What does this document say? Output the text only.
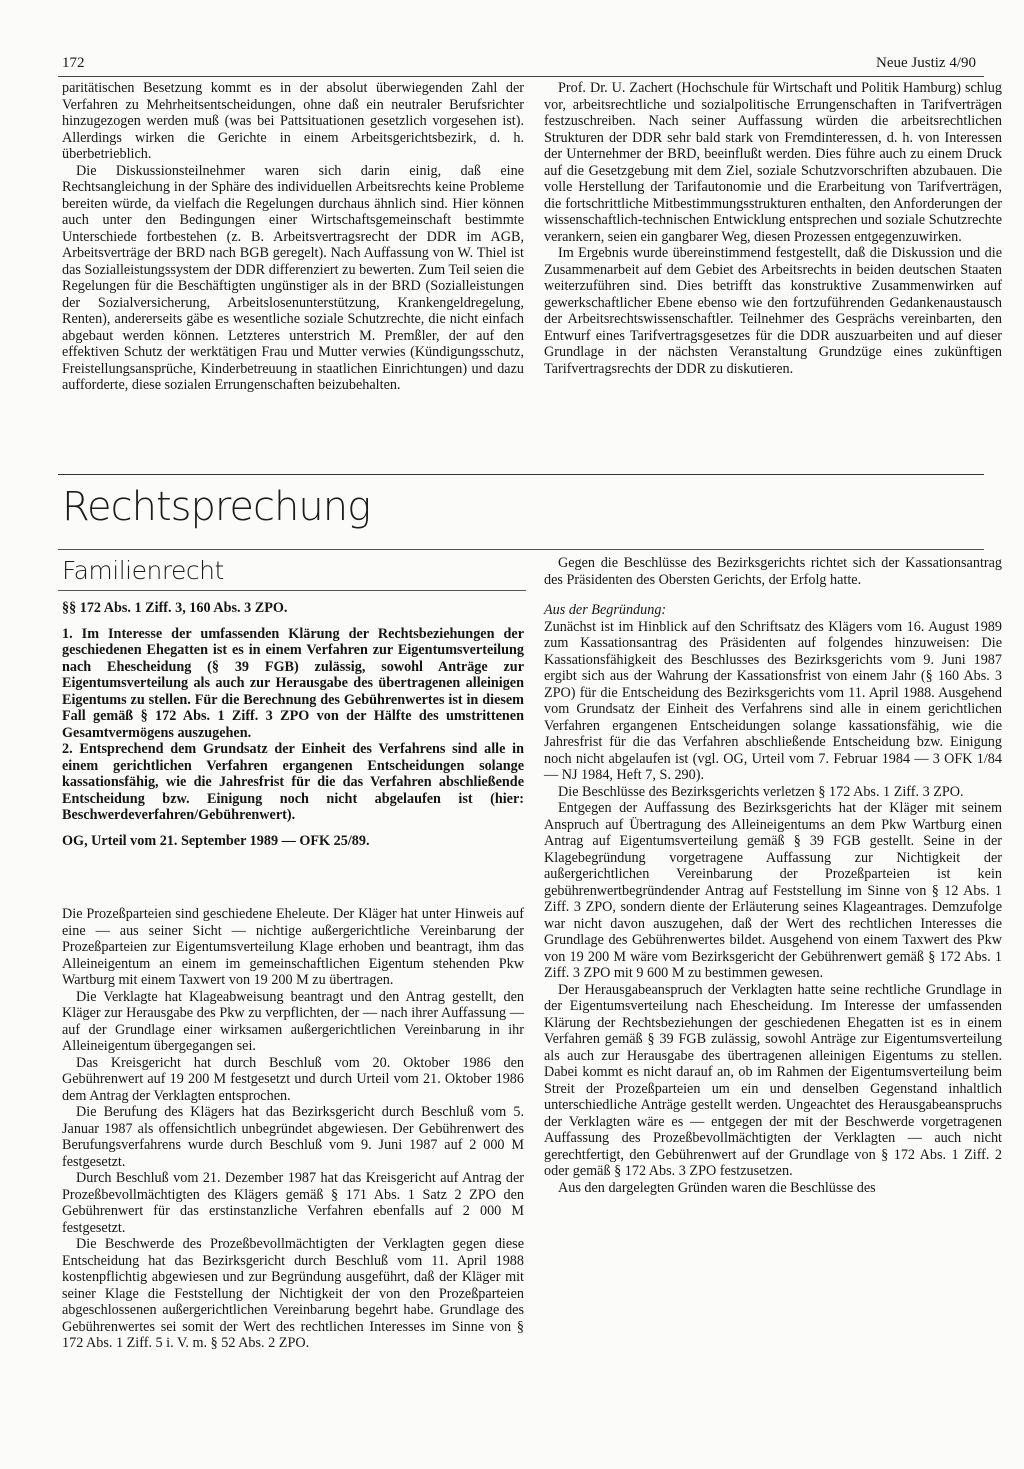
172	Neue Justiz 4/90

paritätischen Besetzung kommt es in der absolut überwiegenden Zahl der Verfahren zu Mehrheitsentscheidungen, ohne daß ein neutraler Berufsrichter hinzugezogen werden muß (was bei Pattsituationen gesetzlich vorgesehen ist). Allerdings wirken die Gerichte in einem Arbeitsgerichtsbezirk, d. h. überbetrieblich.

Die Diskussionsteilnehmer waren sich darin einig, daß eine Rechtsangleichung in der Sphäre des individuellen Arbeitsrechts keine Probleme bereiten würde, da vielfach die Regelungen durchaus ähnlich sind. Hier können auch unter den Bedingungen einer Wirtschaftsgemeinschaft bestimmte Unterschiede fortbestehen (z. B. Arbeitsvertragsrecht der DDR im AGB, Arbeitsverträge der BRD nach BGB geregelt). Nach Auffassung von W. Thiel ist das Sozialleistungssystem der DDR differenziert zu bewerten. Zum Teil seien die Regelungen für die Beschäftigten ungünstiger als in der BRD (Sozialleistungen der Sozialversicherung, Arbeitslosenunterstützung, Krankengeldregelung, Renten), andererseits gäbe es wesentliche soziale Schutzrechte, die nicht einfach abgebaut werden können. Letzteres unterstrich M. Premßler, der auf den effektiven Schutz der werktätigen Frau und Mutter verwies (Kündigungsschutz, Freistellungsansprüche, Kinderbetreuung in staatlichen Einrichtungen) und dazu aufforderte, diese sozialen Errungenschaften beizubehalten.

Prof. Dr. U. Zachert (Hochschule für Wirtschaft und Politik Hamburg) schlug vor, arbeitsrechtliche und sozialpolitische Errungenschaften in Tarifverträgen festzuschreiben. Nach seiner Auffassung würden die arbeitsrechtlichen Strukturen der DDR sehr bald stark von Fremdinteressen, d. h. von Interessen der Unternehmer der BRD, beeinflußt werden. Dies führe auch zu einem Druck auf die Gesetzgebung mit dem Ziel, soziale Schutzvorschriften abzubauen. Die volle Herstellung der Tarifautonomie und die Erarbeitung von Tarifverträgen, die fortschrittliche Mitbestimmungsstrukturen enthalten, den Anforderungen der wissenschaftlich-technischen Entwicklung entsprechen und soziale Schutzrechte verankern, seien ein gangbarer Weg, diesen Prozessen entgegenzuwirken.

Im Ergebnis wurde übereinstimmend festgestellt, daß die Diskussion und die Zusammenarbeit auf dem Gebiet des Arbeitsrechts in beiden deutschen Staaten weiterzuführen sind. Dies betrifft das konstruktive Zusammenwirken auf gewerkschaftlicher Ebene ebenso wie den fortzuführenden Gedankenaustausch der Arbeitsrechtswissenschaftler. Teilnehmer des Gesprächs vereinbarten, den Entwurf eines Tarifvertragsgesetzes für die DDR auszuarbeiten und auf dieser Grundlage in der nächsten Veranstaltung Grundzüge eines zukünftigen Tarifvertragsrechts der DDR zu diskutieren.

Rechtsprechung
Familienrecht

§§ 172 Abs. 1 Ziff. 3, 160 Abs. 3 ZPO.

1. Im Interesse der umfassenden Klärung der Rechtsbeziehungen der geschiedenen Ehegatten ist es in einem Verfahren zur Eigentumsverteilung nach Ehescheidung (§ 39 FGB) zulässig, sowohl Anträge zur Eigentumsverteilung als auch zur Herausgabe des übertragenen alleinigen Eigentums zu stellen. Für die Berechnung des Gebührenwertes ist in diesem Fall gemäß § 172 Abs. 1 Ziff. 3 ZPO von der Hälfte des umstrittenen Gesamtvermögens auszugehen.

2. Entsprechend dem Grundsatz der Einheit des Verfahrens sind alle in einem gerichtlichen Verfahren ergangenen Entscheidungen solange kassationsfähig, wie die Jahresfrist für die das Verfahren abschließende Entscheidung bzw. Einigung noch nicht abgelaufen ist (hier: Beschwerdeverfahren/Gebührenwert).

OG, Urteil vom 21. September 1989 — OFK 25/89.

Die Prozeßparteien sind geschiedene Eheleute. Der Kläger hat unter Hinweis auf eine — aus seiner Sicht — nichtige außergerichtliche Vereinbarung der Prozeßparteien zur Eigentumsverteilung Klage erhoben und beantragt, ihm das Alleineigentum an einem im gemeinschaftlichen Eigentum stehenden Pkw Wartburg mit einem Taxwert von 19 200 M zu übertragen.

Die Verklagte hat Klageabweisung beantragt und den Antrag gestellt, den Kläger zur Herausgabe des Pkw zu verpflichten, der — nach ihrer Auffassung — auf der Grundlage einer wirksamen außergerichtlichen Vereinbarung in ihr Alleineigentum übergegangen sei.

Das Kreisgericht hat durch Beschluß vom 20. Oktober 1986 den Gebührenwert auf 19 200 M festgesetzt und durch Urteil vom 21. Oktober 1986 dem Antrag der Verklagten entsprochen.

Die Berufung des Klägers hat das Bezirksgericht durch Beschluß vom 5. Januar 1987 als offensichtlich unbegründet abgewiesen. Der Gebührenwert des Berufungsverfahrens wurde durch Beschluß vom 9. Juni 1987 auf 2 000 M festgesetzt.

Durch Beschluß vom 21. Dezember 1987 hat das Kreisgericht auf Antrag der Prozeßbevollmächtigten des Klägers gemäß § 171 Abs. 1 Satz 2 ZPO den Gebührenwert für das erstinstanzliche Verfahren ebenfalls auf 2 000 M festgesetzt.

Die Beschwerde des Prozeßbevollmächtigten der Verklagten gegen diese Entscheidung hat das Bezirksgericht durch Beschluß vom 11. April 1988 kostenpflichtig abgewiesen und zur Begründung ausgeführt, daß der Kläger mit seiner Klage die Feststellung der Nichtigkeit der von den Prozeßparteien abgeschlossenen außergerichtlichen Vereinbarung begehrt habe. Grundlage des Gebührenwertes sei somit der Wert des rechtlichen Interesses im Sinne von § 172 Abs. 1 Ziff. 5 i. V. m. § 52 Abs. 2 ZPO.

Gegen die Beschlüsse des Bezirksgerichts richtet sich der Kassationsantrag des Präsidenten des Obersten Gerichts, der Erfolg hatte.

Aus der Begründung:

Zunächst ist im Hinblick auf den Schriftsatz des Klägers vom 16. August 1989 zum Kassationsantrag des Präsidenten auf folgendes hinzuweisen: Die Kassationsfähigkeit des Beschlusses des Bezirksgerichts vom 9. Juni 1987 ergibt sich aus der Wahrung der Kassationsfrist von einem Jahr (§ 160 Abs. 3 ZPO) für die Entscheidung des Bezirksgerichts vom 11. April 1988. Ausgehend vom Grundsatz der Einheit des Verfahrens sind alle in einem gerichtlichen Verfahren ergangenen Entscheidungen solange kassationsfähig, wie die Jahresfrist für die das Verfahren abschließende Entscheidung bzw. Einigung noch nicht abgelaufen ist (vgl. OG, Urteil vom 7. Februar 1984 — 3 OFK 1/84 — NJ 1984, Heft 7, S. 290).

Die Beschlüsse des Bezirksgerichts verletzen § 172 Abs. 1 Ziff. 3 ZPO.

Entgegen der Auffassung des Bezirksgerichts hat der Kläger mit seinem Anspruch auf Übertragung des Alleineigentums an dem Pkw Wartburg einen Antrag auf Eigentumsverteilung gemäß § 39 FGB gestellt. Seine in der Klagebegründung vorgetragene Auffassung zur Nichtigkeit der außergerichtlichen Vereinbarung der Prozeßparteien ist kein gebührenwertbegründender Antrag auf Feststellung im Sinne von § 12 Abs. 1 Ziff. 3 ZPO, sondern diente der Erläuterung seines Klageantrages. Demzufolge war nicht davon auszugehen, daß der Wert des rechtlichen Interesses die Grundlage des Gebührenwertes bildet. Ausgehend von einem Taxwert des Pkw von 19 200 M wäre vom Bezirksgericht der Gebührenwert gemäß § 172 Abs. 1 Ziff. 3 ZPO mit 9 600 M zu bestimmen gewesen.

Der Herausgabeanspruch der Verklagten hatte seine rechtliche Grundlage in der Eigentumsverteilung nach Ehescheidung. Im Interesse der umfassenden Klärung der Rechtsbeziehungen der geschiedenen Ehegatten ist es in einem Verfahren gemäß § 39 FGB zulässig, sowohl Anträge zur Eigentumsverteilung als auch zur Herausgabe des übertragenen alleinigen Eigentums zu stellen. Dabei kommt es nicht darauf an, ob im Rahmen der Eigentumsverteilung beim Streit der Prozeßparteien um ein und denselben Gegenstand inhaltlich unterschiedliche Anträge gestellt werden. Ungeachtet des Herausgabeanspruchs der Verklagten wäre es — entgegen der mit der Beschwerde vorgetragenen Auffassung des Prozeßbevollmächtigten der Verklagten — auch nicht gerechtfertigt, den Gebührenwert auf der Grundlage von § 172 Abs. 1 Ziff. 2 oder gemäß § 172 Abs. 3 ZPO festzusetzen.

Aus den dargelegten Gründen waren die Beschlüsse des
